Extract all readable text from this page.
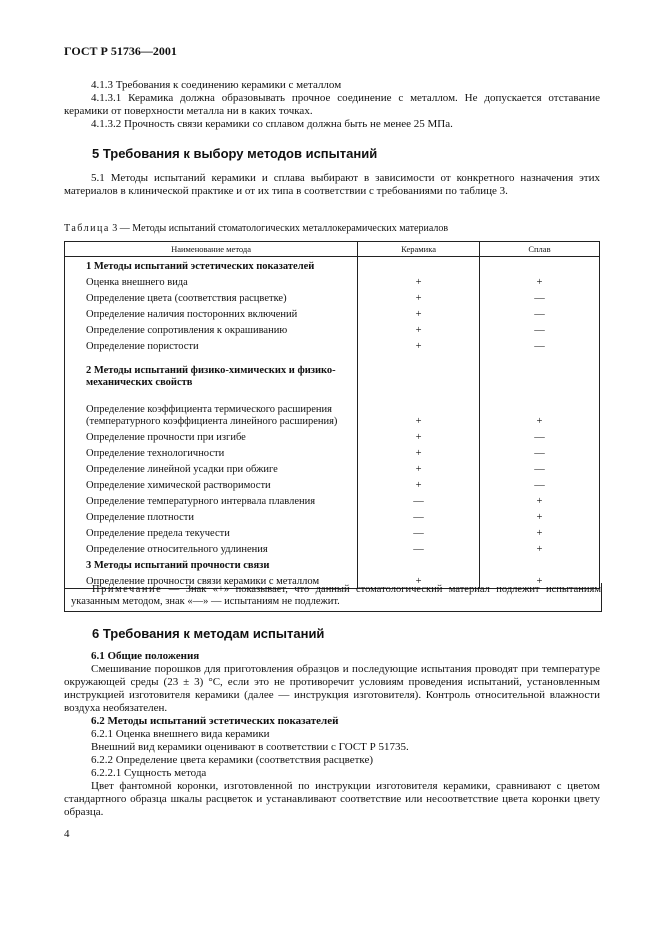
ГОСТ Р 51736—2001

4.1.3 Требования к соединению керамики с металлом

4.1.3.1 Керамика должна образовывать прочное соединение с металлом. Не допускается отставание керамики от поверхности металла ни в каких точках.

4.1.3.2 Прочность связи керамики со сплавом должна быть не менее 25 МПа.

5 Требования к выбору методов испытаний

5.1 Методы испытаний керамики и сплава выбирают в зависимости от конкретного назначения этих материалов в клинической практике и от их типа в соответствии с требованиями по таблице 3.

Таблица 3 — Методы испытаний стоматологических металлокерамических материалов
Наименование метода	Керамика	Сплав
1 Методы испытаний эстетических показателей		
Оценка внешнего вида	+	+
Определение цвета (соответствия расцветке)	+	—
Определение наличия посторонних включений	+	—
Определение сопротивления к окрашиванию	+	—
Определение пористости	+	—
2 Методы испытаний физико-химических и физико-механических свойств		
Определение коэффициента термического расширения (температурного коэффициента линейного расширения)	+	+
Определение прочности при изгибе	+	—
Определение технологичности	+	—
Определение линейной усадки при обжиге	+	—
Определение химической растворимости	+	—
Определение температурного интервала плавления	—	+
Определение плотности	—	+
Определение предела текучести	—	+
Определение относительного удлинения	—	+
3 Методы испытаний прочности связи		
Определение прочности связи керамики с металлом	+	+
Примечание — Знак «+» показывает, что данный стоматологический материал подлежит испытаниям указанным методом, знак «—» — испытаниям не подлежит.
6 Требования к методам испытаний

6.1 Общие положения

Смешивание порошков для приготовления образцов и последующие испытания проводят при температуре окружающей среды (23 ± 3) °С, если это не противоречит условиям проведения испытаний, установленным инструкцией изготовителя керамики (далее — инструкция изготовителя). Контроль относительной влажности воздуха необязателен.

6.2 Методы испытаний эстетических показателей

6.2.1 Оценка внешнего вида керамики

Внешний вид керамики оценивают в соответствии с ГОСТ Р 51735.

6.2.2 Определение цвета керамики (соответствия расцветке)

6.2.2.1 Сущность метода

Цвет фантомной коронки, изготовленной по инструкции изготовителя керамики, сравнивают с цветом стандартного образца шкалы расцветок и устанавливают соответствие или несоответствие цвета коронки цвету образца.

4
